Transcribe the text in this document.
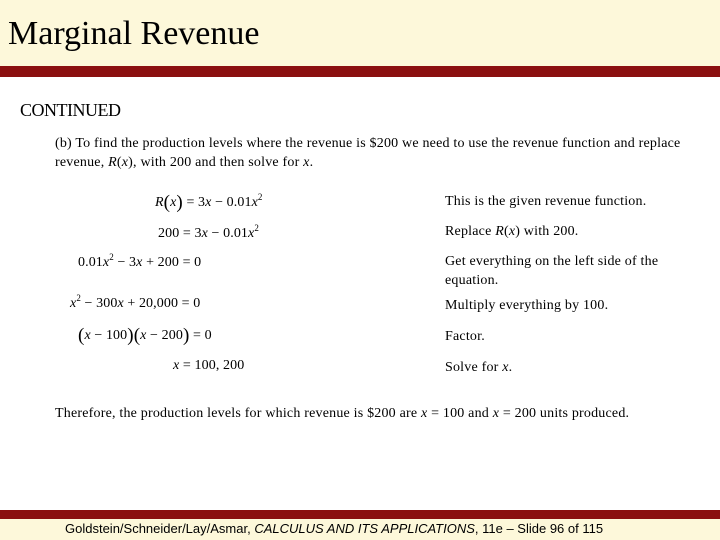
Marginal Revenue
CONTINUED
(b) To find the production levels where the revenue is $200 we need to use the revenue function and replace revenue, R(x), with 200 and then solve for x.
$R(x) = 3x - 0.01x^2$
$200 = 3x - 0.01x^2$
$0.01x^2 - 3x + 200 = 0$
$x^2 - 300x + 20,000 = 0$
(x − 100)(x − 200) = 0
x = 100, 200
This is the given revenue function.
Replace R(x) with 200.
Get everything on the left side of the equation.
Multiply everything by 100.
Factor.
Solve for x.
Therefore, the production levels for which revenue is $200 are x = 100 and x = 200 units produced.
Goldstein/Schneider/Lay/Asmar, CALCULUS AND ITS APPLICATIONS, 11e – Slide 96 of 115
